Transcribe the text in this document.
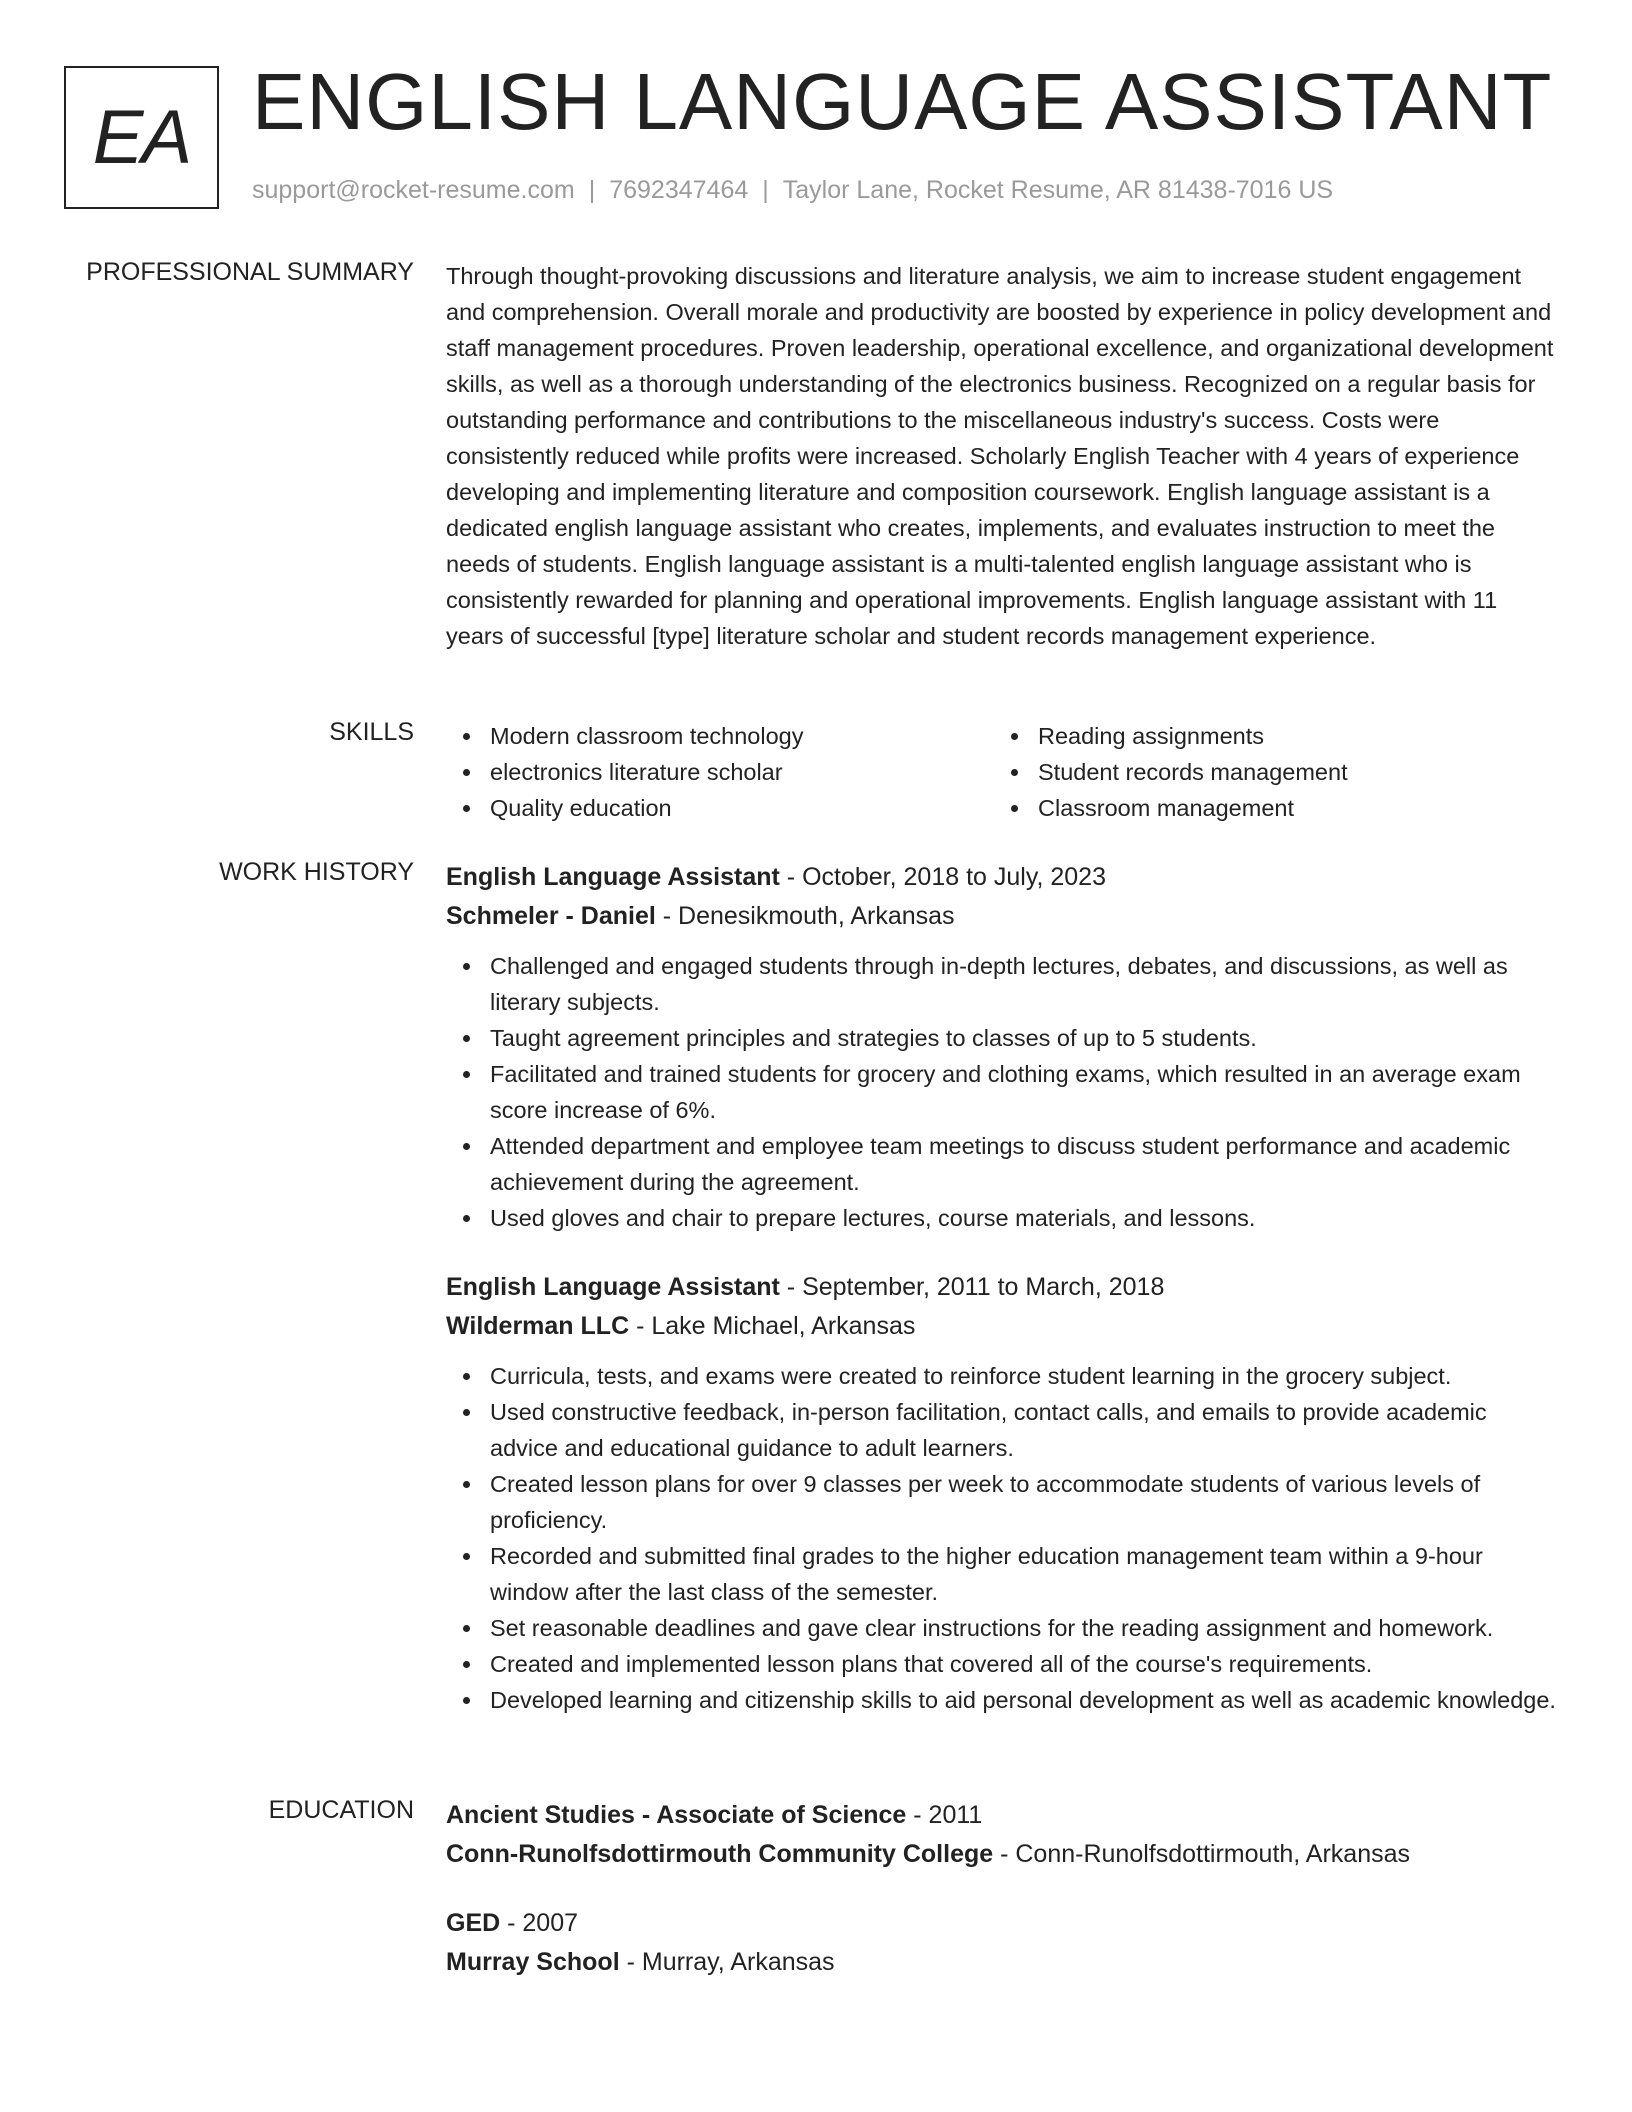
EA ENGLISH LANGUAGE ASSISTANT
support@rocket-resume.com | 7692347464 | Taylor Lane, Rocket Resume, AR 81438-7016 US
PROFESSIONAL SUMMARY Through thought-provoking discussions and literature analysis, we aim to increase student engagement and comprehension. Overall morale and productivity are boosted by experience in policy development and staff management procedures. Proven leadership, operational excellence, and organizational development skills, as well as a thorough understanding of the electronics business. Recognized on a regular basis for outstanding performance and contributions to the miscellaneous industry's success. Costs were consistently reduced while profits were increased. Scholarly English Teacher with 4 years of experience developing and implementing literature and composition coursework. English language assistant is a dedicated english language assistant who creates, implements, and evaluates instruction to meet the needs of students. English language assistant is a multi-talented english language assistant who is consistently rewarded for planning and operational improvements. English language assistant with 11 years of successful [type] literature scholar and student records management experience.

SKILLS	Modern classroom technology
electronics literature scholar
Quality education
Reading assignments
Student records management
Classroom management
WORK HISTORY English Language Assistant - October, 2018 to July, 2023
Schmeler - Daniel - Denesikmouth, Arkansas
Challenged and engaged students through in-depth lectures, debates, and discussions, as well as literary subjects.
Taught agreement principles and strategies to classes of up to 5 students.
Facilitated and trained students for grocery and clothing exams, which resulted in an average exam score increase of 6%.
Attended department and employee team meetings to discuss student performance and academic achievement during the agreement.
Used gloves and chair to prepare lectures, course materials, and lessons.
English Language Assistant - September, 2011 to March, 2018
Wilderman LLC - Lake Michael, Arkansas
Curricula, tests, and exams were created to reinforce student learning in the grocery subject.
Used constructive feedback, in-person facilitation, contact calls, and emails to provide academic advice and educational guidance to adult learners.
Created lesson plans for over 9 classes per week to accommodate students of various levels of proficiency.
Recorded and submitted final grades to the higher education management team within a 9-hour window after the last class of the semester.
Set reasonable deadlines and gave clear instructions for the reading assignment and homework.
Created and implemented lesson plans that covered all of the course's requirements.
Developed learning and citizenship skills to aid personal development as well as academic knowledge.
EDUCATION Ancient Studies - Associate of Science - 2011
Conn-Runolfsdottirmouth Community College - Conn-Runolfsdottirmouth, Arkansas
GED - 2007
Murray School - Murray, Arkansas
